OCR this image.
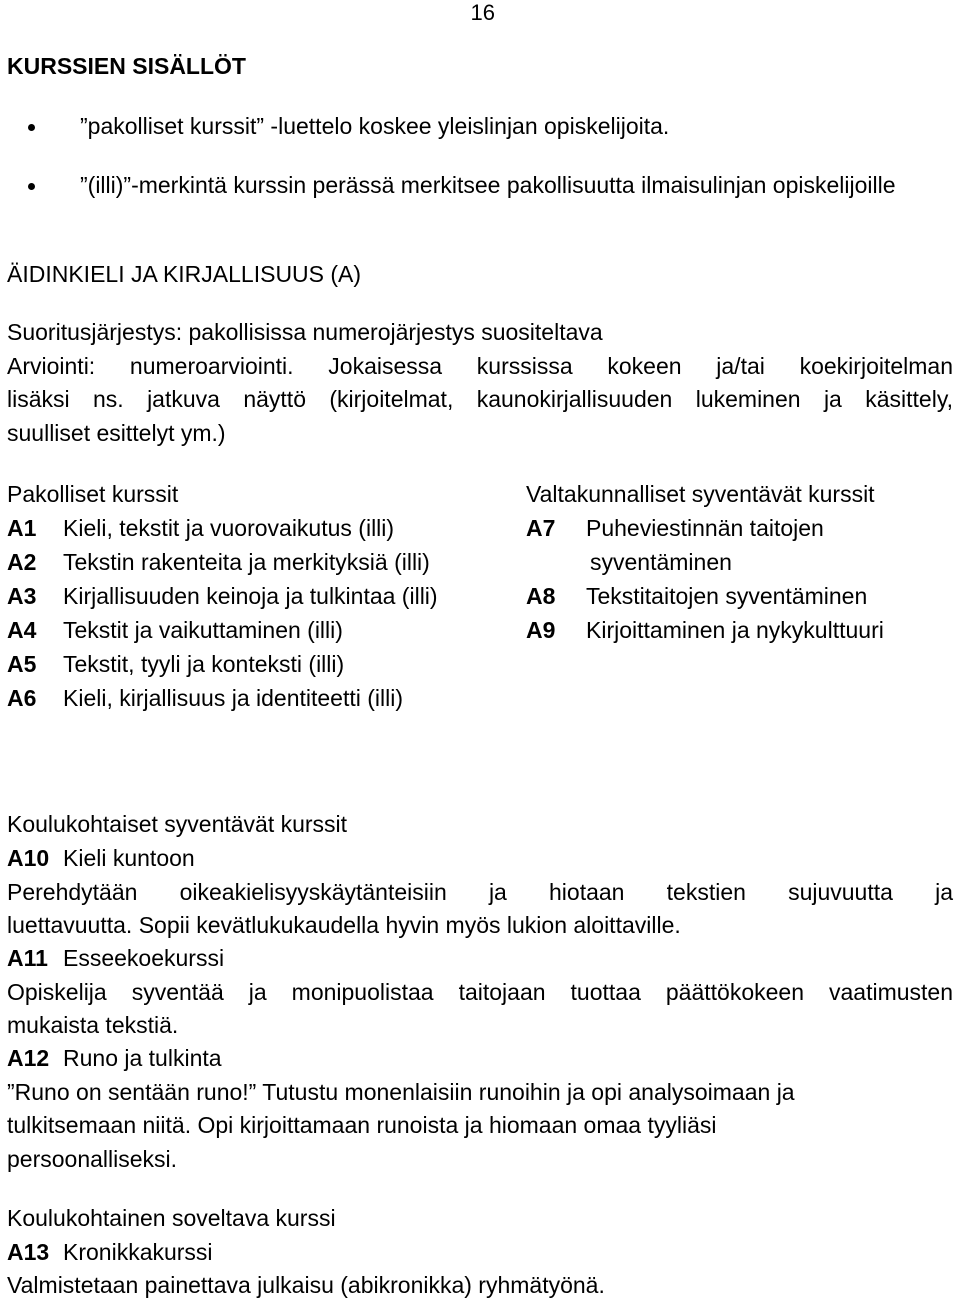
16
KURSSIEN SISÄLLÖT
”pakolliset kurssit” -luettelo koskee yleislinjan opiskelijoita.
”(illi)”-merkintä kurssin perässä merkitsee pakollisuutta ilmaisulinjan opiskelijoille
ÄIDINKIELI JA KIRJALLISUUS (A)
Suoritusjärjestys: pakollisissa numerojärjestys suositeltava
Arviointi: numeroarviointi. Jokaisessa kurssissa kokeen ja/tai koekirjoitelman
lisäksi ns. jatkuva näyttö (kirjoitelmat, kaunokirjallisuuden lukeminen ja käsittely,
suulliset esittelyt ym.)
Pakolliset kurssit
A1 Kieli, tekstit ja vuorovaikutus (illi)
A2 Tekstin rakenteita ja merkityksiä (illi)
A3 Kirjallisuuden keinoja ja tulkintaa (illi)
A4 Tekstit ja vaikuttaminen (illi)
A5 Tekstit, tyyli ja konteksti (illi)
A6 Kieli, kirjallisuus ja identiteetti (illi)
Valtakunnalliset syventävät kurssit
A7 Puheviestinnän taitojen
syventäminen
A8 Tekstitaitojen syventäminen
A9 Kirjoittaminen ja nykykulttuuri
Koulukohtaiset syventävät kurssit
A10 Kieli kuntoon
Perehdytään oikeakielisyyskäytänteisiin ja hiotaan tekstien sujuvuutta ja
luettavuutta. Sopii kevätlukukaudella hyvin myös lukion aloittaville.
A11 Esseekoekurssi
Opiskelija syventää ja monipuolistaa taitojaan tuottaa päättökokeen vaatimusten
mukaista tekstiä.
A12 Runo ja tulkinta
”Runo on sentään runo!” Tutustu monenlaisiin runoihin ja opi analysoimaan ja
tulkitsemaan niitä. Opi kirjoittamaan runoista ja hiomaan omaa tyyliäsi
persoonalliseksi.
Koulukohtainen soveltava kurssi
A13 Kronikkakurssi
Valmistetaan painettava julkaisu (abikronikka) ryhmätyönä.
